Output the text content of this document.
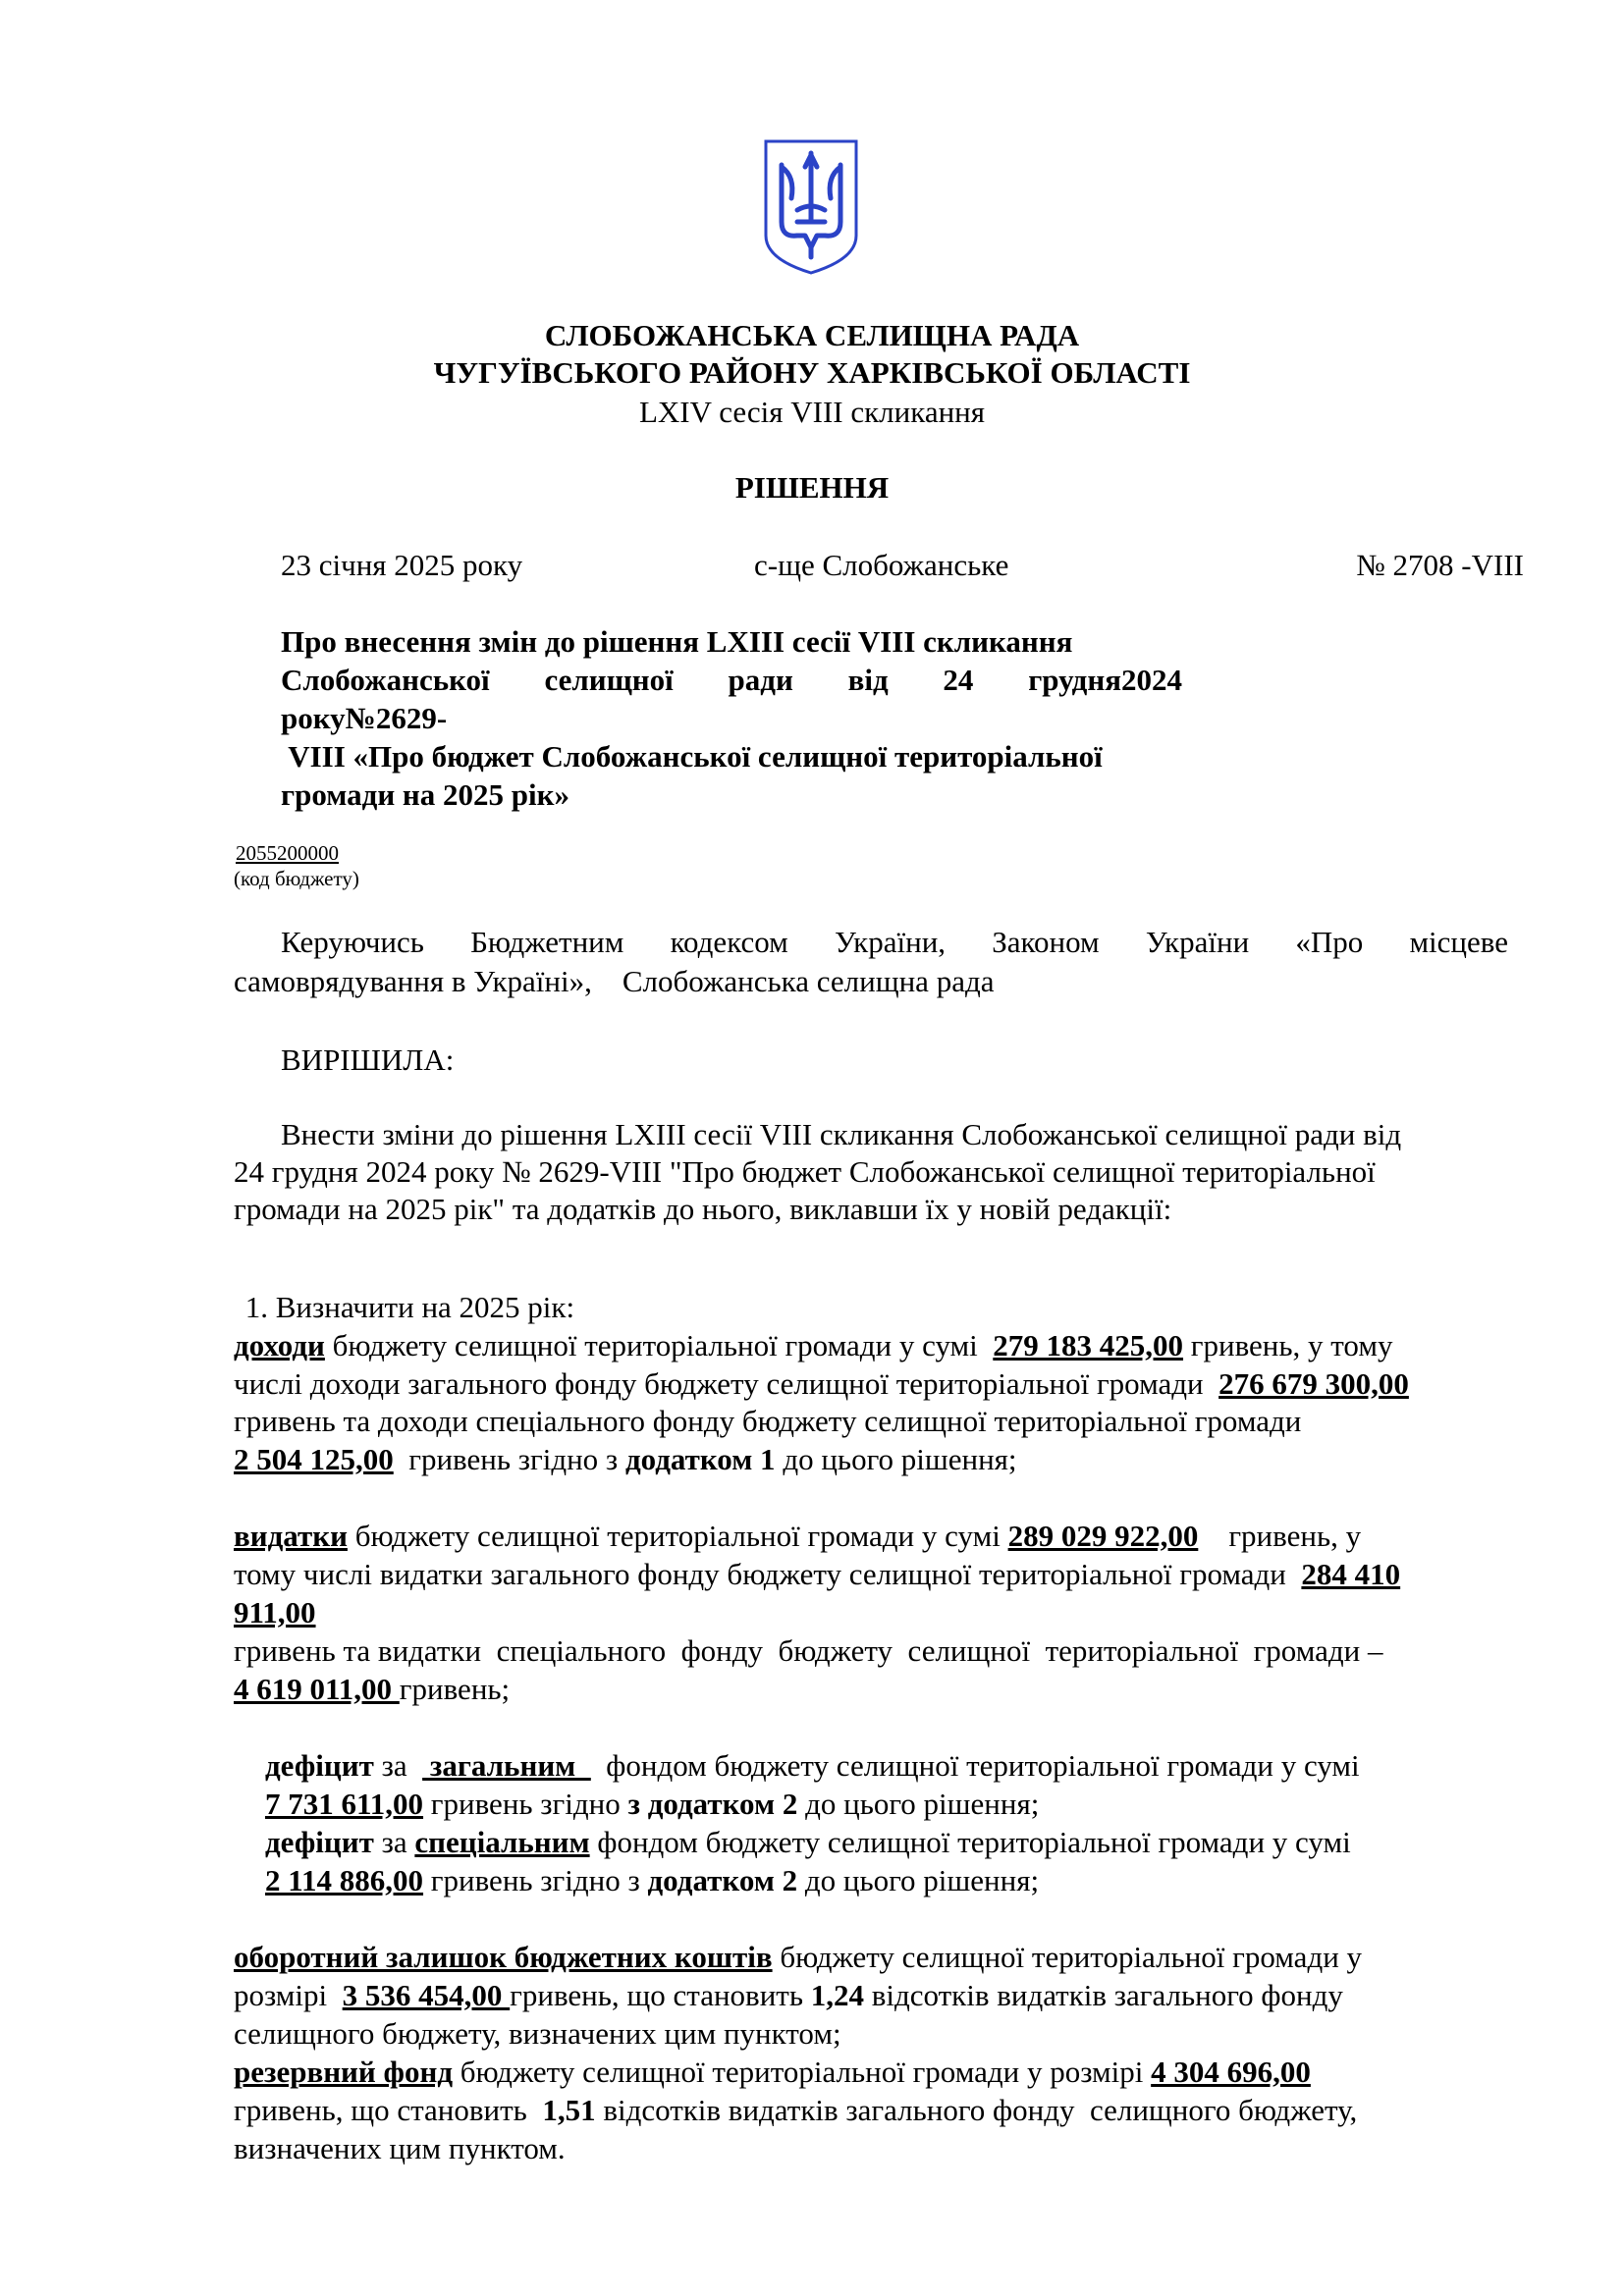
СЛОБОЖАНСЬКА СЕЛИЩНА РАДА
ЧУГУЇВСЬКОГО РАЙОНУ ХАРКІВСЬКОЇ ОБЛАСТІ
LXIV сесія VIII скликання
РІШЕННЯ
23 січня 2025 року	с-ще Слобожанське	№ 2708 -VIII
Про внесення змін до рішення LXIII сесії VIII скликання
Слобожанської селищної ради від 24 грудня2024
року№2629-
VIII «Про бюджет Слобожанської селищної територіальної
громади на 2025 рік»
2055200000
(код бюджету)
Керуючись Бюджетним кодексом України, Законом України «Про місцеве
самоврядування в Україні»,    Слобожанська селищна рада
ВИРІШИЛА:
Внести зміни до рішення LXIII сесії VIII скликання Слобожанської селищної ради від
24 грудня 2024 року № 2629-VIII "Про бюджет Слобожанської селищної територіальної
громади на 2025 рік" та додатків до нього, виклавши їх у новій редакції:
1. Визначити на 2025 рік:
доходи бюджету селищної територіальної громади у сумі  279 183 425,00 гривень, у тому
числі доходи загального фонду бюджету селищної територіальної громади  276 679 300,00
гривень та доходи спеціального фонду бюджету селищної територіальної громади
2 504 125,00  гривень згідно з додатком 1 до цього рішення;
видатки бюджету селищної територіальної громади у сумі 289 029 922,00    гривень, у
тому числі видатки загального фонду бюджету селищної територіальної громади  284 410
911,00
гривень та видатки  спеціального  фонду  бюджету  селищної  територіальної  громади –
4 619 011,00 гривень;
дефіцит за   загальним    фондом бюджету селищної територіальної громади у сумі
7 731 611,00 гривень згідно з додатком 2 до цього рішення;
дефіцит за спеціальним фондом бюджету селищної територіальної громади у сумі
2 114 886,00 гривень згідно з додатком 2 до цього рішення;
оборотний залишок бюджетних коштів бюджету селищної територіальної громади у
розмірі  3 536 454,00 гривень, що становить 1,24 відсотків видатків загального фонду
селищного бюджету, визначених цим пунктом;
резервний фонд бюджету селищної територіальної громади у розмірі 4 304 696,00
гривень, що становить  1,51 відсотків видатків загального фонду  селищного бюджету,
визначених цим пунктом.
